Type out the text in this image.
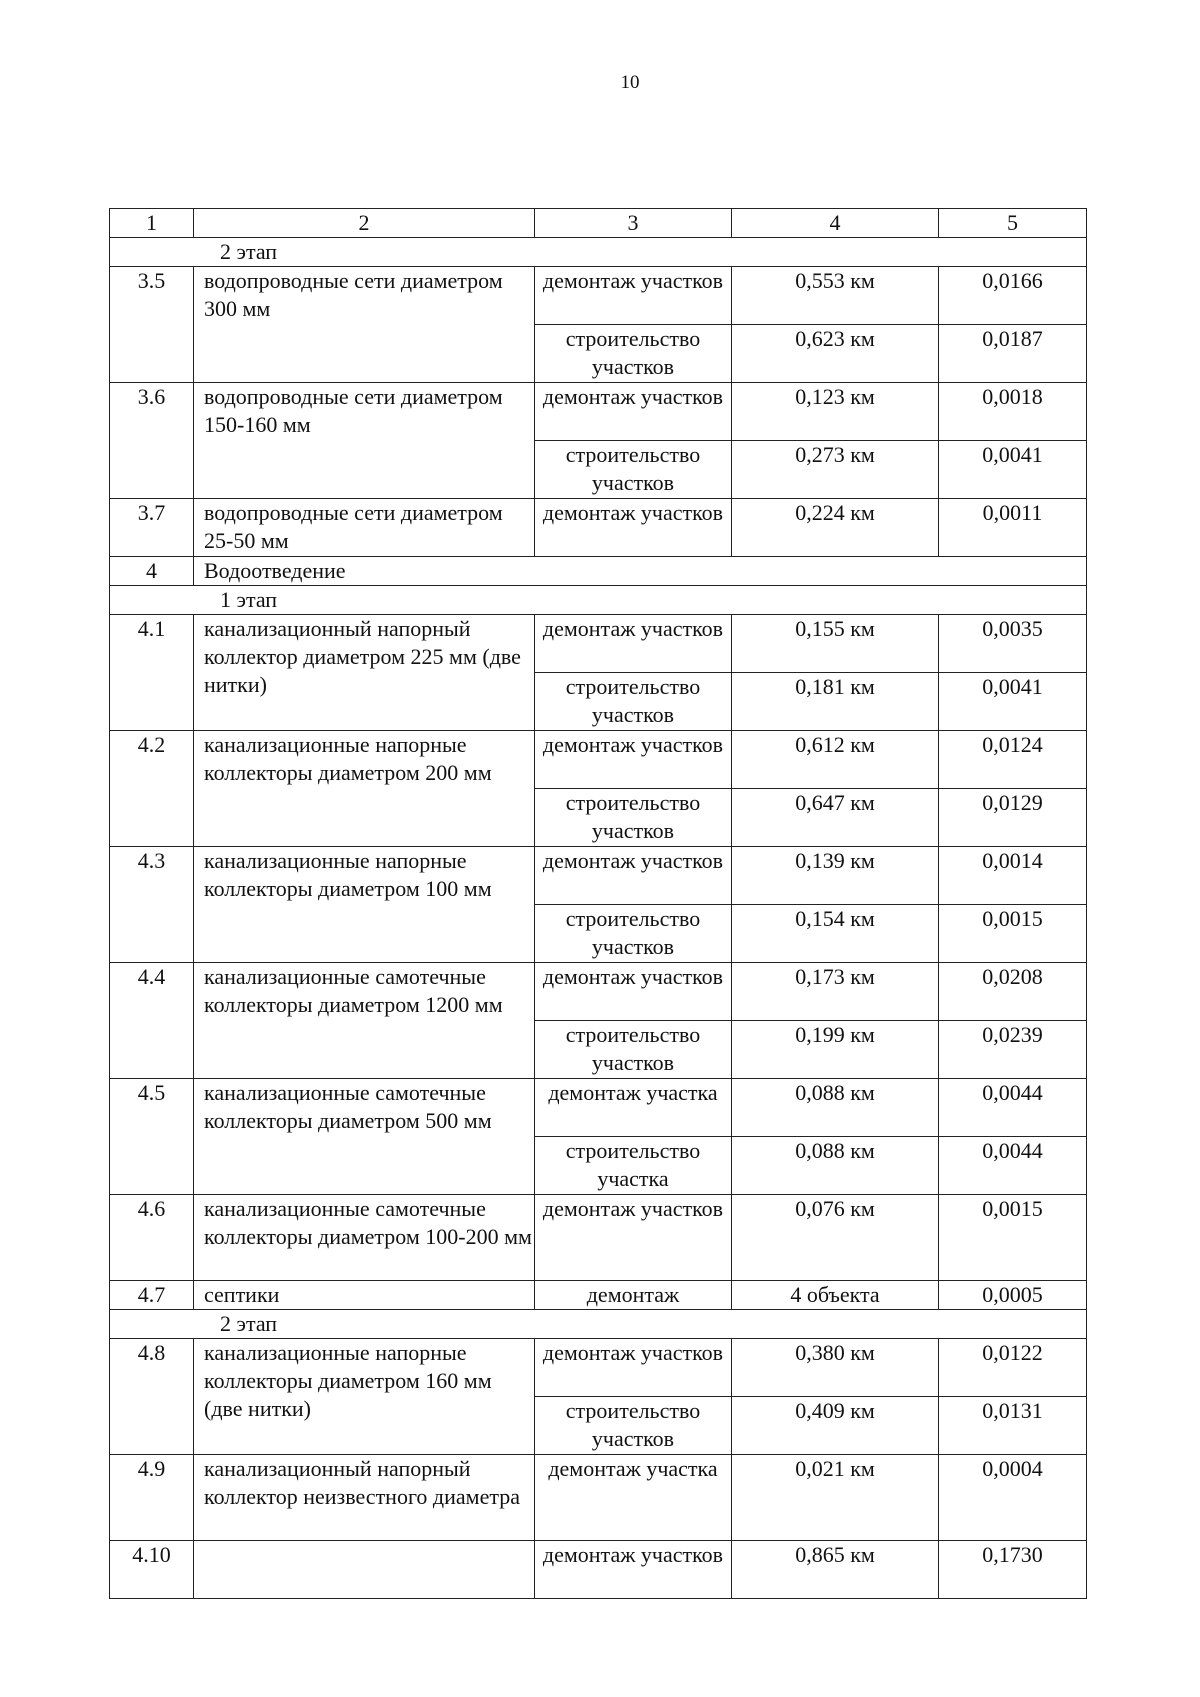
10
1	2	3	4	5
2 этап				
3.5	водопроводные сети диаметром 300 мм	демонтаж участков	0,553 км	0,0166
		строительство участков	0,623 км	0,0187
3.6	водопроводные сети диаметром 150-160 мм	демонтаж участков	0,123 км	0,0018
		строительство участков	0,273 км	0,0041
3.7	водопроводные сети диаметром 25-50 мм	демонтаж участков	0,224 км	0,0011
4	Водоотведение			
1 этап				
4.1	канализационный напорный коллектор диаметром 225 мм (две нитки)	демонтаж участков	0,155 км	0,0035
		строительство участков	0,181 км	0,0041
4.2	канализационные напорные коллекторы диаметром 200 мм	демонтаж участков	0,612 км	0,0124
		строительство участков	0,647 км	0,0129
4.3	канализационные напорные коллекторы диаметром 100 мм	демонтаж участков	0,139 км	0,0014
		строительство участков	0,154 км	0,0015
4.4	канализационные самотечные коллекторы диаметром 1200 мм	демонтаж участков	0,173 км	0,0208
		строительство участков	0,199 км	0,0239
4.5	канализационные самотечные коллекторы диаметром 500 мм	демонтаж участка	0,088 км	0,0044
		строительство участка	0,088 км	0,0044
4.6	канализационные самотечные коллекторы диаметром 100-200 мм	демонтаж участков	0,076 км	0,0015
4.7	септики	демонтаж	4 объекта	0,0005
2 этап				
4.8	канализационные напорные коллекторы диаметром 160 мм (две нитки)	демонтаж участков	0,380 км	0,0122
		строительство участков	0,409 км	0,0131
4.9	канализационный напорный коллектор неизвестного диаметра	демонтаж участка	0,021 км	0,0004
4.10		демонтаж участков	0,865 км	0,1730
